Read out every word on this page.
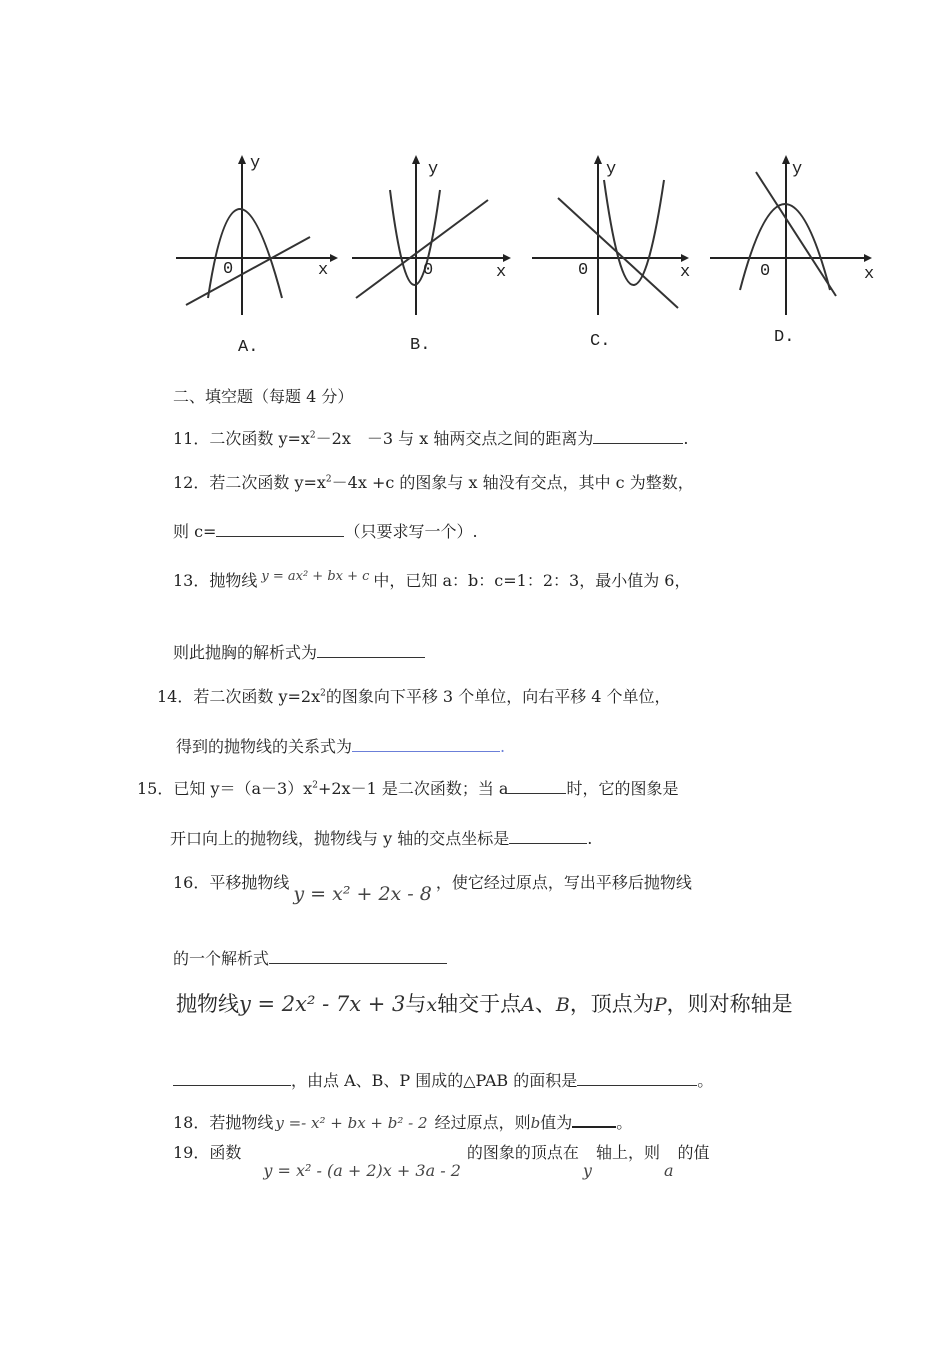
y
x
0
A.
y
x
0
B.
y
x
0
C.
y
x
0
D.
二、填空题（每题 4 分）
11．二次函数 $y=x^2-2x$　－3 与 x 轴两交点之间的距离为	.
12．若二次函数 $y=x^2-4x +c$ 的图象与 x 轴没有交点，其中 c 为整数，
则 c=	（只要求写一个）.
13．抛物线 $^{y = ax^2 + bx + c}$ 中，已知 a：b：c=1：2：3，最小值为 6，
则此抛胸的解析式为
14．若二次函数 $y=2x^2$的图象向下平移 3 个单位，向右平移 4 个单位，
得到的抛物线的关系式为	.
15．已知 $y=(a-3)x^2+2x-1$ 是二次函数；当 a	时，它的图象是
开口向上的抛物线，抛物线与 y 轴的交点坐标是	.
16．平移抛物线y = x² + 2x - 8，使它经过原点，写出平移后抛物线
的一个解析式
抛物线y = 2x² - 7x + 3与x轴交于点A、B，顶点为P，则对称轴是
，由点 A、B、P 围成的△PAB 的面积是	。
18．若抛物线 y =- x² + bx + b² - 2 经过原点，则b值为	。
19．函数y = x² - (a + 2)x + 3a - 2的图象的顶点在y轴上，则a的值
